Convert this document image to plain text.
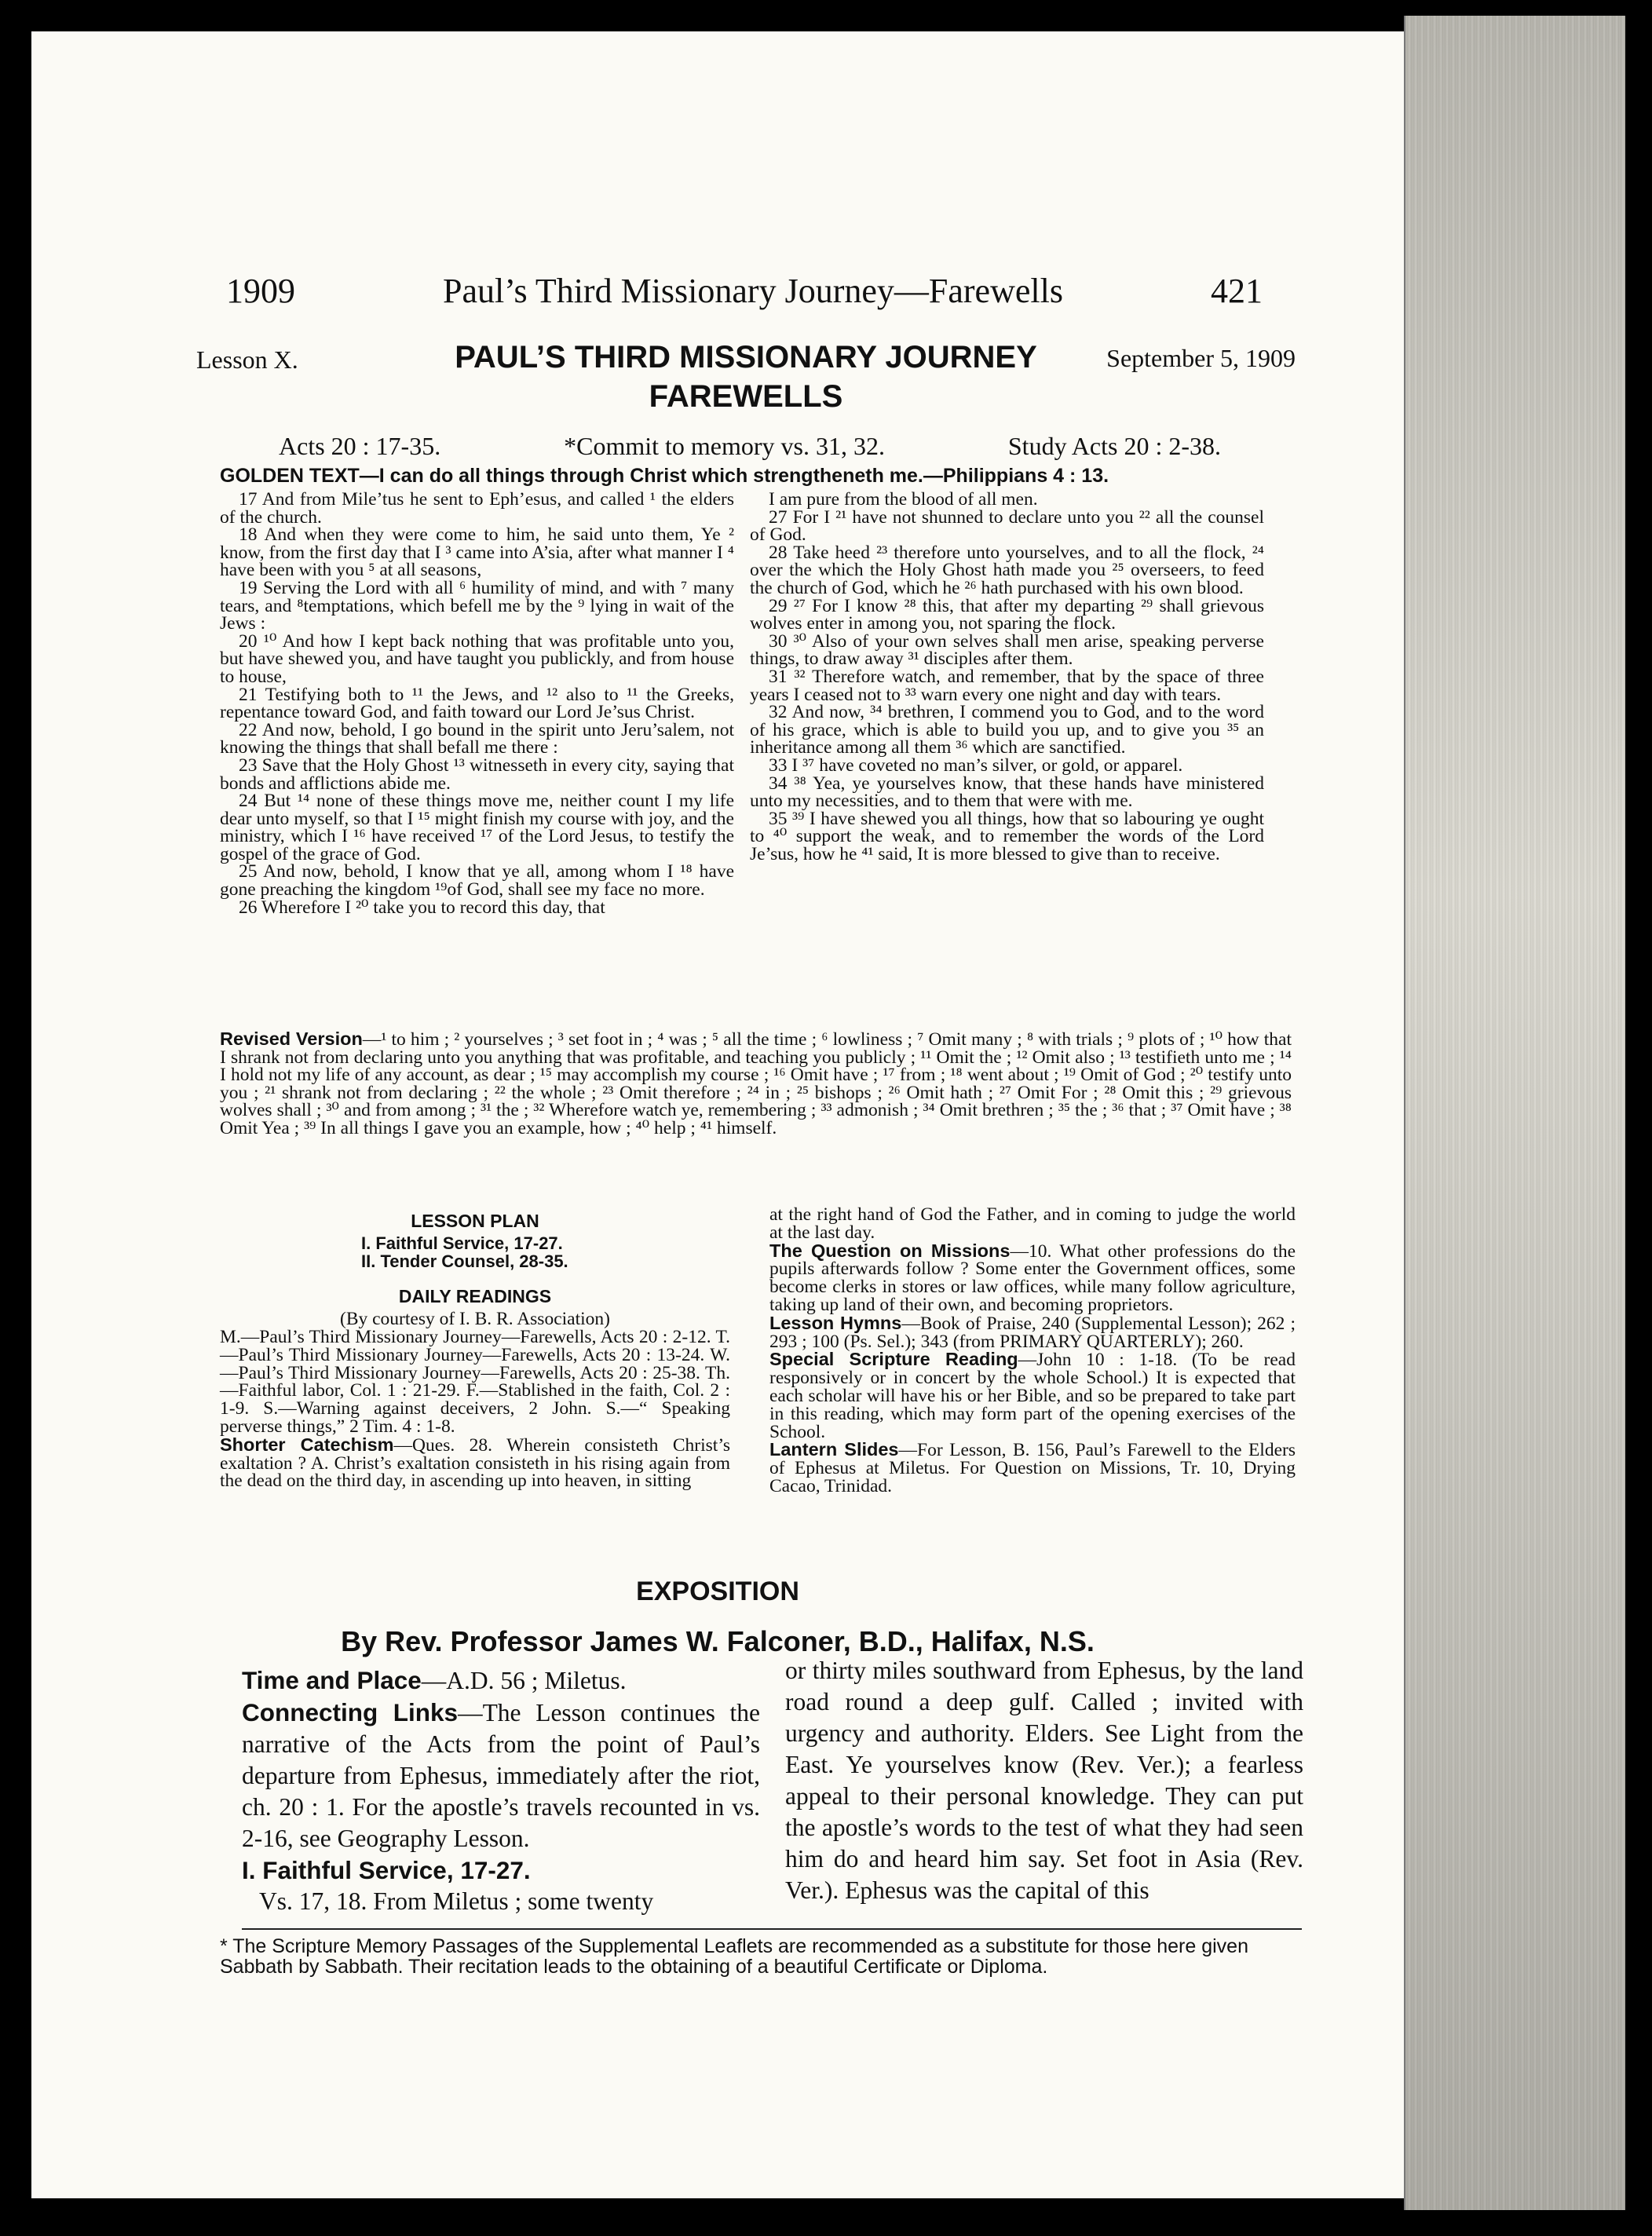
1909	Paul’s Third Missionary Journey—Farewells	421
Lesson X.	PAUL’S THIRD MISSIONARY JOURNEY
FAREWELLS
September 5, 1909
Acts 20 : 17-35.	*Commit to memory vs. 31, 32.	Study Acts 20 : 2-38.
GOLDEN TEXT—I can do all things through Christ which strengtheneth me.—Philippians 4 : 13.

17 And from Mile’tus he sent to Eph’esus, and called ¹ the elders of the church.

18 And when they were come to him, he said unto them, Ye ² know, from the first day that I ³ came into A’sia, after what manner I ⁴ have been with you ⁵ at all seasons,

19 Serving the Lord with all ⁶ humility of mind, and with ⁷ many tears, and ⁸temptations, which befell me by the ⁹ lying in wait of the Jews :

20 ¹⁰ And how I kept back nothing that was profitable unto you, but have shewed you, and have taught you publickly, and from house to house,

21 Testifying both to ¹¹ the Jews, and ¹² also to ¹¹ the Greeks, repentance toward God, and faith toward our Lord Je’sus Christ.

22 And now, behold, I go bound in the spirit unto Jeru’salem, not knowing the things that shall befall me there :

23 Save that the Holy Ghost ¹³ witnesseth in every city, saying that bonds and afflictions abide me.

24 But ¹⁴ none of these things move me, neither count I my life dear unto myself, so that I ¹⁵ might finish my course with joy, and the ministry, which I ¹⁶ have received ¹⁷ of the Lord Jesus, to testify the gospel of the grace of God.

25 And now, behold, I know that ye all, among whom I ¹⁸ have gone preaching the kingdom ¹⁹of God, shall see my face no more.

26 Wherefore I ²⁰ take you to record this day, that

I am pure from the blood of all men.

27 For I ²¹ have not shunned to declare unto you ²² all the counsel of God.

28 Take heed ²³ therefore unto yourselves, and to all the flock, ²⁴ over the which the Holy Ghost hath made you ²⁵ overseers, to feed the church of God, which he ²⁶ hath purchased with his own blood.

29 ²⁷ For I know ²⁸ this, that after my departing ²⁹ shall grievous wolves enter in among you, not sparing the flock.

30 ³⁰ Also of your own selves shall men arise, speaking perverse things, to draw away ³¹ disciples after them.

31 ³² Therefore watch, and remember, that by the space of three years I ceased not to ³³ warn every one night and day with tears.

32 And now, ³⁴ brethren, I commend you to God, and to the word of his grace, which is able to build you up, and to give you ³⁵ an inheritance among all them ³⁶ which are sanctified.

33 I ³⁷ have coveted no man’s silver, or gold, or apparel.

34 ³⁸ Yea, ye yourselves know, that these hands have ministered unto my necessities, and to them that were with me.

35 ³⁹ I have shewed you all things, how that so labouring ye ought to ⁴⁰ support the weak, and to remember the words of the Lord Je’sus, how he ⁴¹ said, It is more blessed to give than to receive.

Revised Version—¹ to him ; ² yourselves ; ³ set foot in ; ⁴ was ; ⁵ all the time ; ⁶ lowliness ; ⁷ Omit many ; ⁸ with trials ; ⁹ plots of ; ¹⁰ how that I shrank not from declaring unto you anything that was profitable, and teaching you publicly ; ¹¹ Omit the ; ¹² Omit also ; ¹³ testifieth unto me ; ¹⁴ I hold not my life of any account, as dear ; ¹⁵ may accomplish my course ; ¹⁶ Omit have ; ¹⁷ from ; ¹⁸ went about ; ¹⁹ Omit of God ; ²⁰ testify unto you ; ²¹ shrank not from declaring ; ²² the whole ; ²³ Omit therefore ; ²⁴ in ; ²⁵ bishops ; ²⁶ Omit hath ; ²⁷ Omit For ; ²⁸ Omit this ; ²⁹ grievous wolves shall ; ³⁰ and from among ; ³¹ the ; ³² Wherefore watch ye, remembering ; ³³ admonish ; ³⁴ Omit brethren ; ³⁵ the ; ³⁶ that ; ³⁷ Omit have ; ³⁸ Omit Yea ; ³⁹ In all things I gave you an example, how ; ⁴⁰ help ; ⁴¹ himself.
LESSON PLAN
I. Faithful Service, 17-27.
II. Tender Counsel, 28-35.
DAILY READINGS
(By courtesy of I. B. R. Association)

M.—Paul’s Third Missionary Journey—Farewells, Acts 20 : 2-12. T.—Paul’s Third Missionary Journey—Farewells, Acts 20 : 13-24. W.—Paul’s Third Missionary Journey—Farewells, Acts 20 : 25-38. Th.—Faithful labor, Col. 1 : 21-29. F.—Stablished in the faith, Col. 2 : 1-9. S.—Warning against deceivers, 2 John. S.—“ Speaking perverse things,” 2 Tim. 4 : 1-8.

Shorter Catechism—Ques. 28. Wherein consisteth Christ’s exaltation ? A. Christ’s exaltation consisteth in his rising again from the dead on the third day, in ascending up into heaven, in sitting

at the right hand of God the Father, and in coming to judge the world at the last day.

The Question on Missions—10. What other professions do the pupils afterwards follow ? Some enter the Government offices, some become clerks in stores or law offices, while many follow agriculture, taking up land of their own, and becoming proprietors.

Lesson Hymns—Book of Praise, 240 (Supplemental Lesson); 262 ; 293 ; 100 (Ps. Sel.); 343 (from PRIMARY QUARTERLY); 260.

Special Scripture Reading—John 10 : 1-18. (To be read responsively or in concert by the whole School.) It is expected that each scholar will have his or her Bible, and so be prepared to take part in this reading, which may form part of the opening exercises of the School.

Lantern Slides—For Lesson, B. 156, Paul’s Farewell to the Elders of Ephesus at Miletus. For Question on Missions, Tr. 10, Drying Cacao, Trinidad.

EXPOSITION
By Rev. Professor James W. Falconer, B.D., Halifax, N.S.

Time and Place—A.D. 56 ; Miletus.

Connecting Links—The Lesson continues the narrative of the Acts from the point of Paul’s departure from Ephesus, immediately after the riot, ch. 20 : 1. For the apostle’s travels recounted in vs. 2-16, see Geography Lesson.

I. Faithful Service, 17-27.

Vs. 17, 18. From Miletus ; some twenty

or thirty miles southward from Ephesus, by the land road round a deep gulf. Called ; invited with urgency and authority. Elders. See Light from the East. Ye yourselves know (Rev. Ver.); a fearless appeal to their personal knowledge. They can put the apostle’s words to the test of what they had seen him do and heard him say. Set foot in Asia (Rev. Ver.). Ephesus was the capital of this

* The Scripture Memory Passages of the Supplemental Leaflets are recommended as a substitute for those here given Sabbath by Sabbath. Their recitation leads to the obtaining of a beautiful Certificate or Diploma.
